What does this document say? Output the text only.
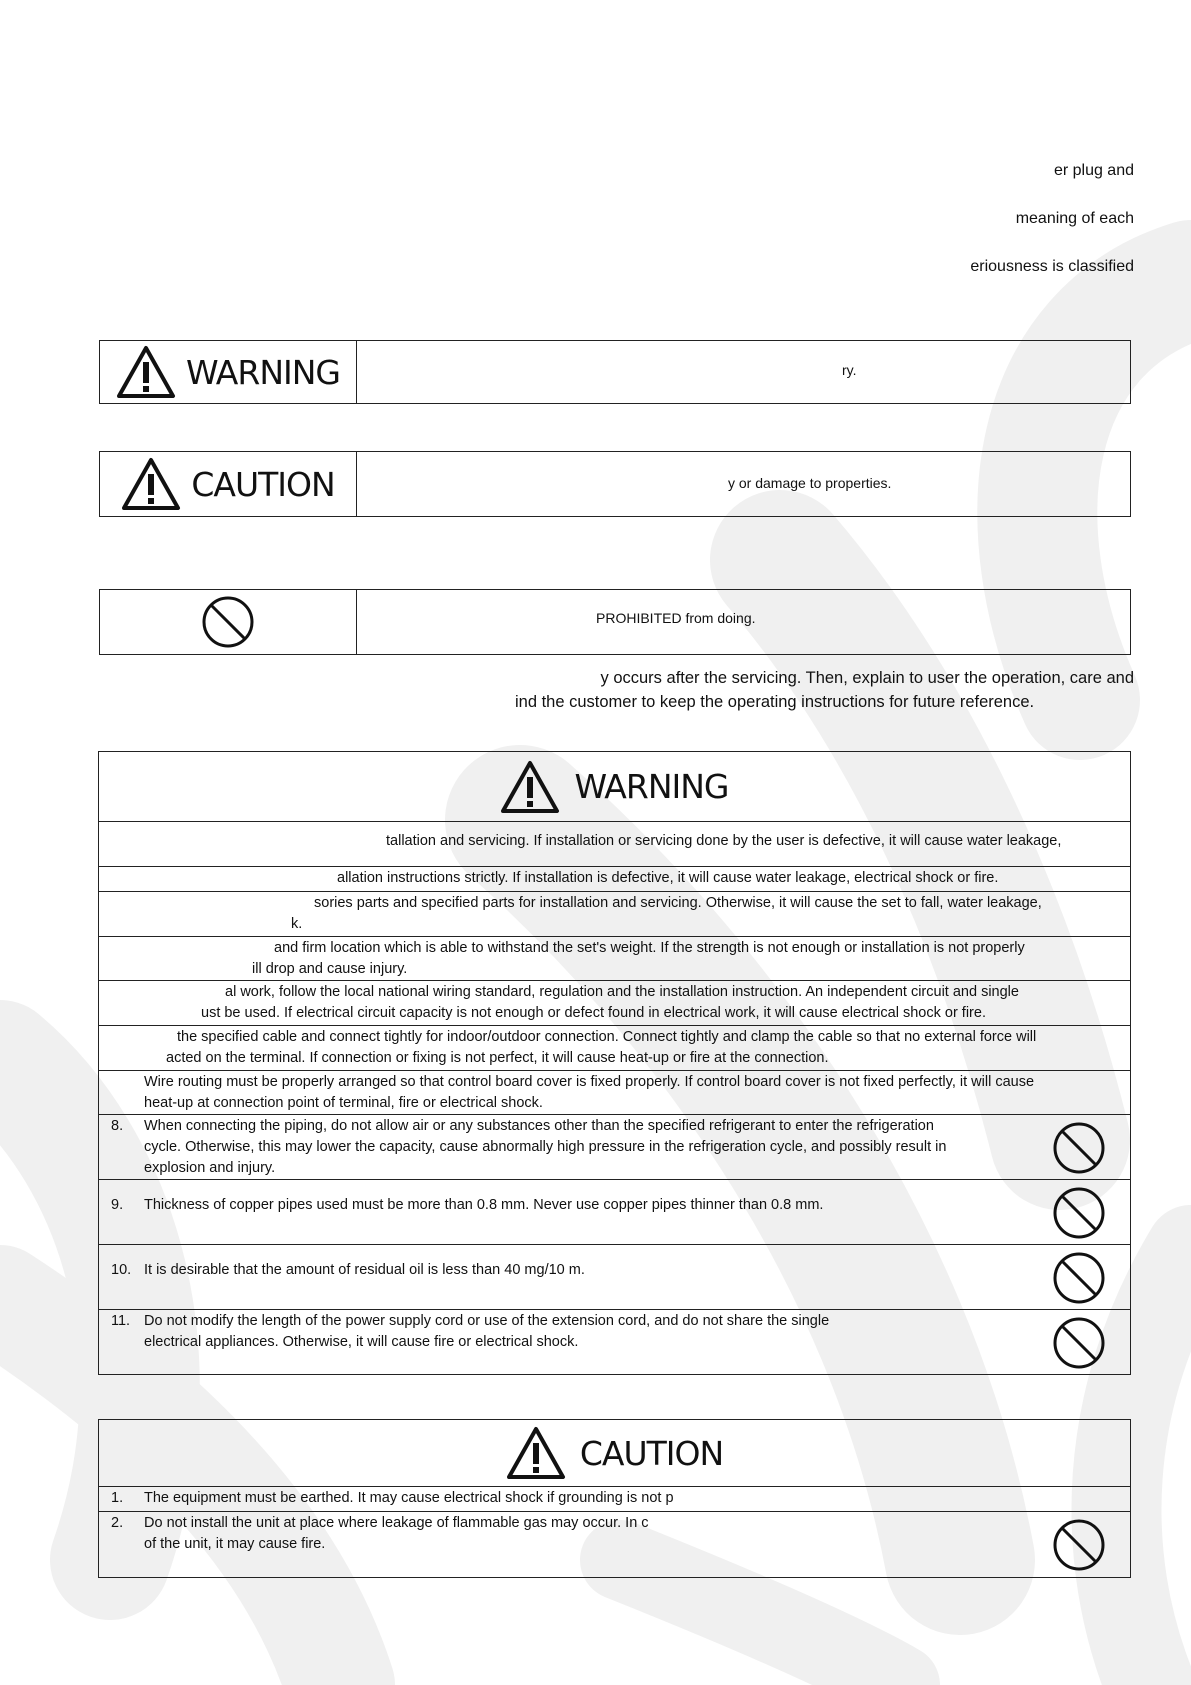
er plug and
meaning of each
eriousness is classified
WARNING	ry.
CAUTION	y or damage to properties.
PROHIBITED from doing.
y occurs after the servicing. Then, explain to user the operation, care and
ind the customer to keep the operating instructions for future reference.
WARNING
tallation and servicing. If installation or servicing done by the user is defective, it will cause water leakage,
allation instructions strictly. If installation is defective, it will cause water leakage, electrical shock or fire.
sories parts and specified parts for installation and servicing. Otherwise, it will cause the set to fall, water leakage,
k.
and firm location which is able to withstand the set's weight. If the strength is not enough or installation is not properly
ill drop and cause injury.
al work, follow the local national wiring standard, regulation and the installation instruction. An independent circuit and single
ust be used. If electrical circuit capacity is not enough or defect found in electrical work, it will cause electrical shock or fire.
the specified cable and connect tightly for indoor/outdoor connection. Connect tightly and clamp the cable so that no external force will
acted on the terminal. If connection or fixing is not perfect, it will cause heat-up or fire at the connection.
Wire routing must be properly arranged so that control board cover is fixed properly. If control board cover is not fixed perfectly, it will cause
heat-up at connection point of terminal, fire or electrical shock.
8. When connecting the piping, do not allow air or any substances other than the specified refrigerant to enter the refrigeration
cycle. Otherwise, this may lower the capacity, cause abnormally high pressure in the refrigeration cycle, and possibly result in
explosion and injury.
9. Thickness of copper pipes used must be more than 0.8 mm. Never use copper pipes thinner than 0.8 mm.
10. It is desirable that the amount of residual oil is less than 40 mg/10 m.
11. Do not modify the length of the power supply cord or use of the extension cord, and do not share the single
electrical appliances. Otherwise, it will cause fire or electrical shock.
CAUTION
1. The equipment must be earthed. It may cause electrical shock if grounding is not p
2. Do not install the unit at place where leakage of flammable gas may occur. In c
of the unit, it may cause fire.
